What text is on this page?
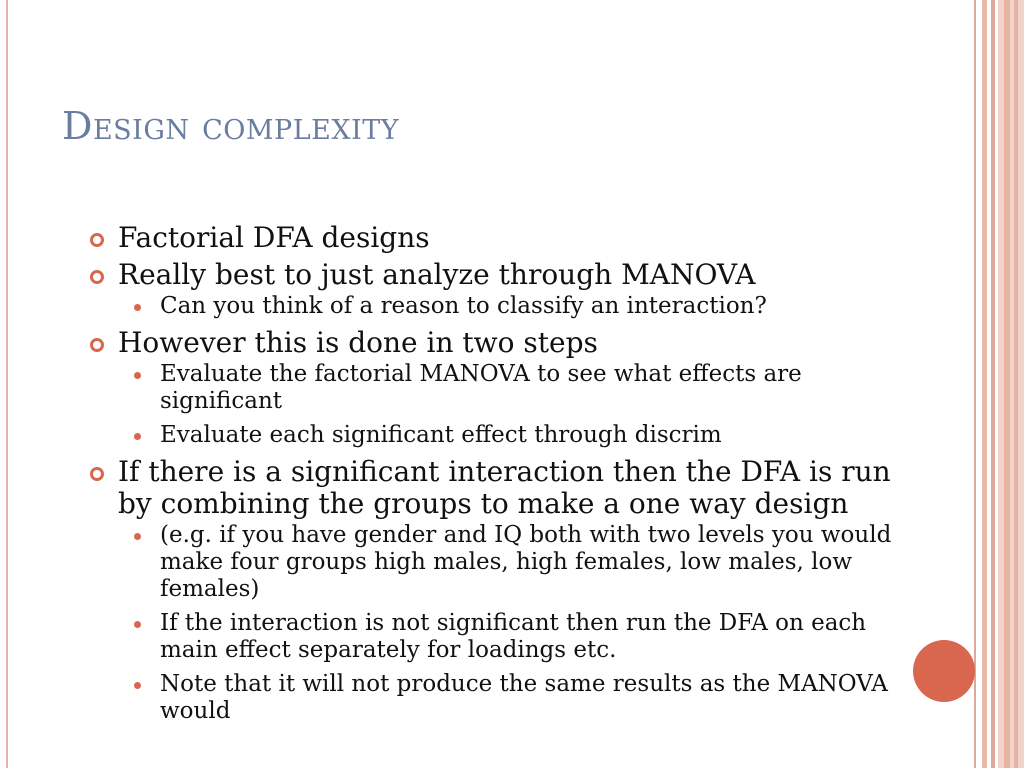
Design complexity
Factorial DFA designs
Really best to just analyze through MANOVA
Can you think of a reason to classify an interaction?
However this is done in two steps
Evaluate the factorial MANOVA to see what effects are significant
Evaluate each significant effect through discrim
If there is a significant interaction then the DFA is run by combining the groups to make a one way design
(e.g. if you have gender and IQ both with two levels you would make four groups high males, high females, low males, low females)
If the interaction is not significant then run the DFA on each main effect separately for loadings etc.
Note that it will not produce the same results as the MANOVA would
